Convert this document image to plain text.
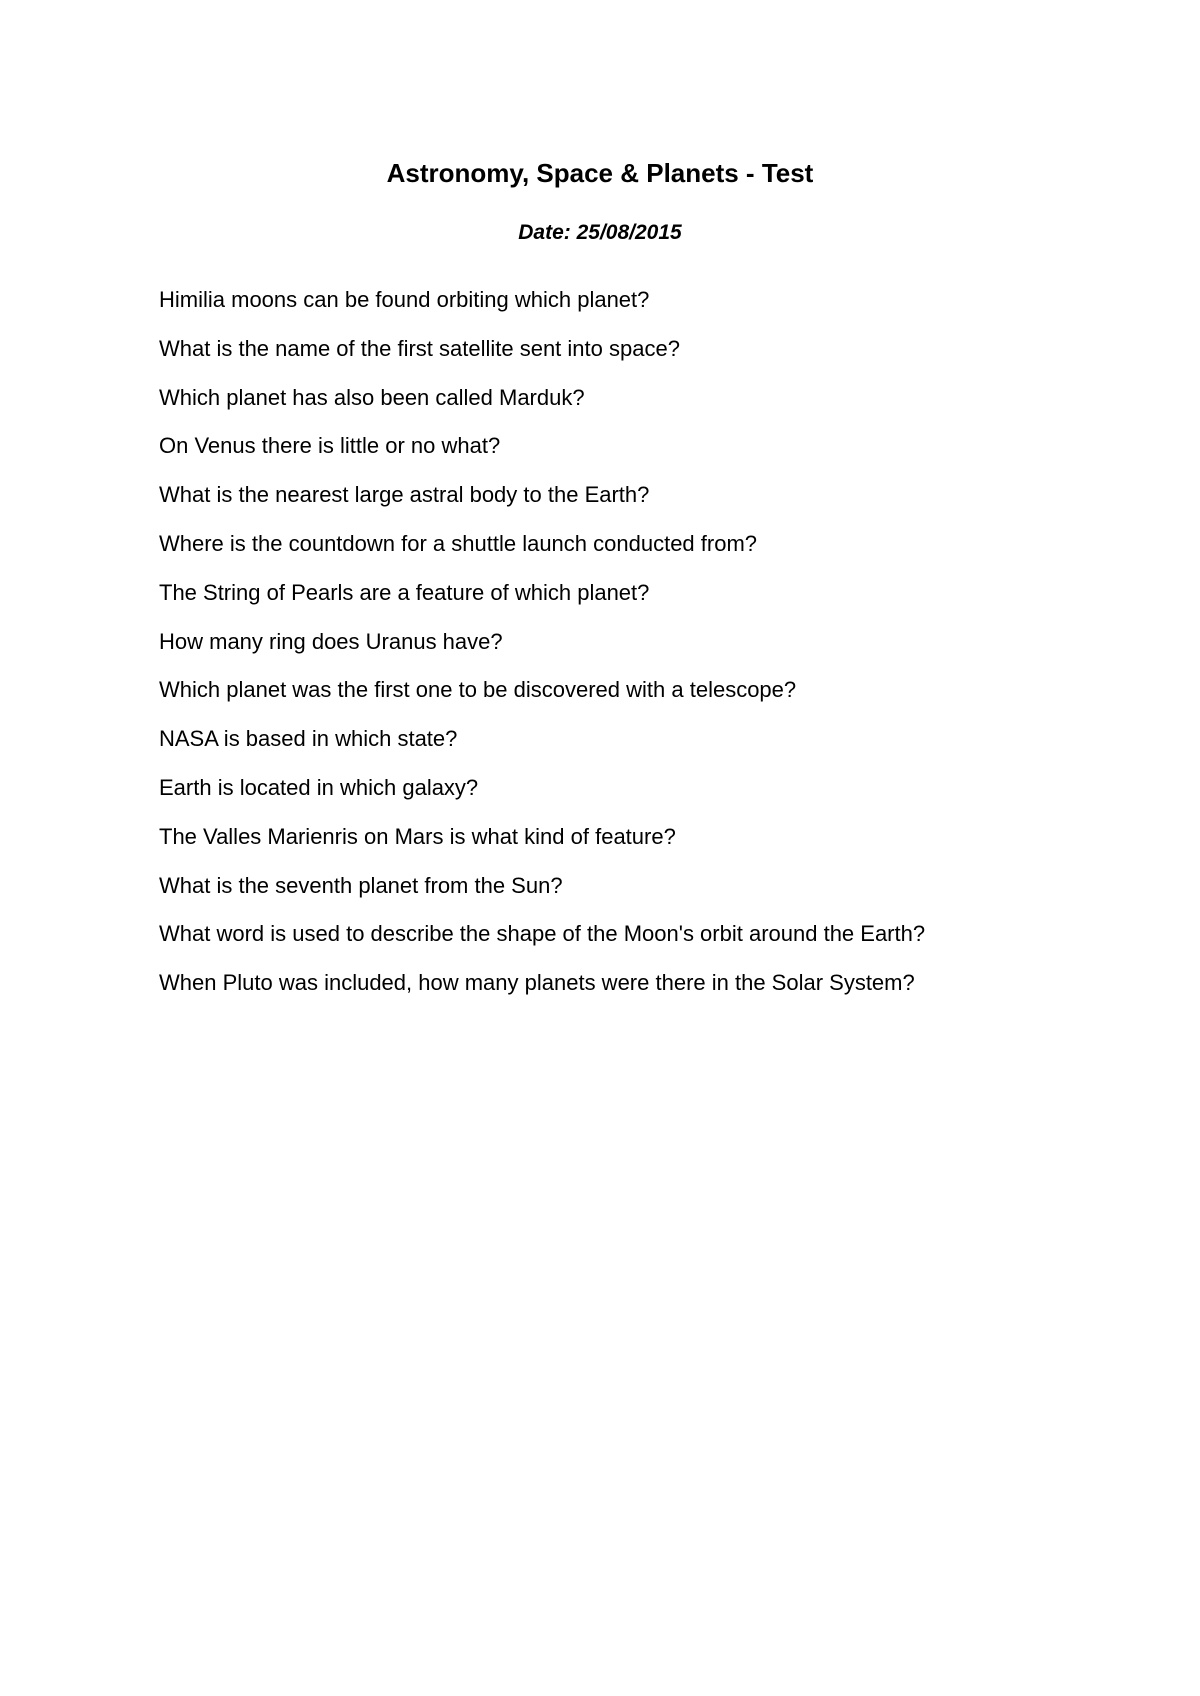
Astronomy, Space & Planets - Test

Date: 25/08/2015

Himilia moons can be found orbiting which planet?
What is the name of the first satellite sent into space?
Which planet has also been called Marduk?
On Venus there is little or no what?
What is the nearest large astral body to the Earth?
Where is the countdown for a shuttle launch conducted from?
The String of Pearls are a feature of which planet?
How many ring does Uranus have?
Which planet was the first one to be discovered with a telescope?
NASA is based in which state?
Earth is located in which galaxy?
The Valles Marienris on Mars is what kind of feature?
What is the seventh planet from the Sun?
What word is used to describe the shape of the Moon's orbit around the Earth?
When Pluto was included, how many planets were there in the Solar System?
